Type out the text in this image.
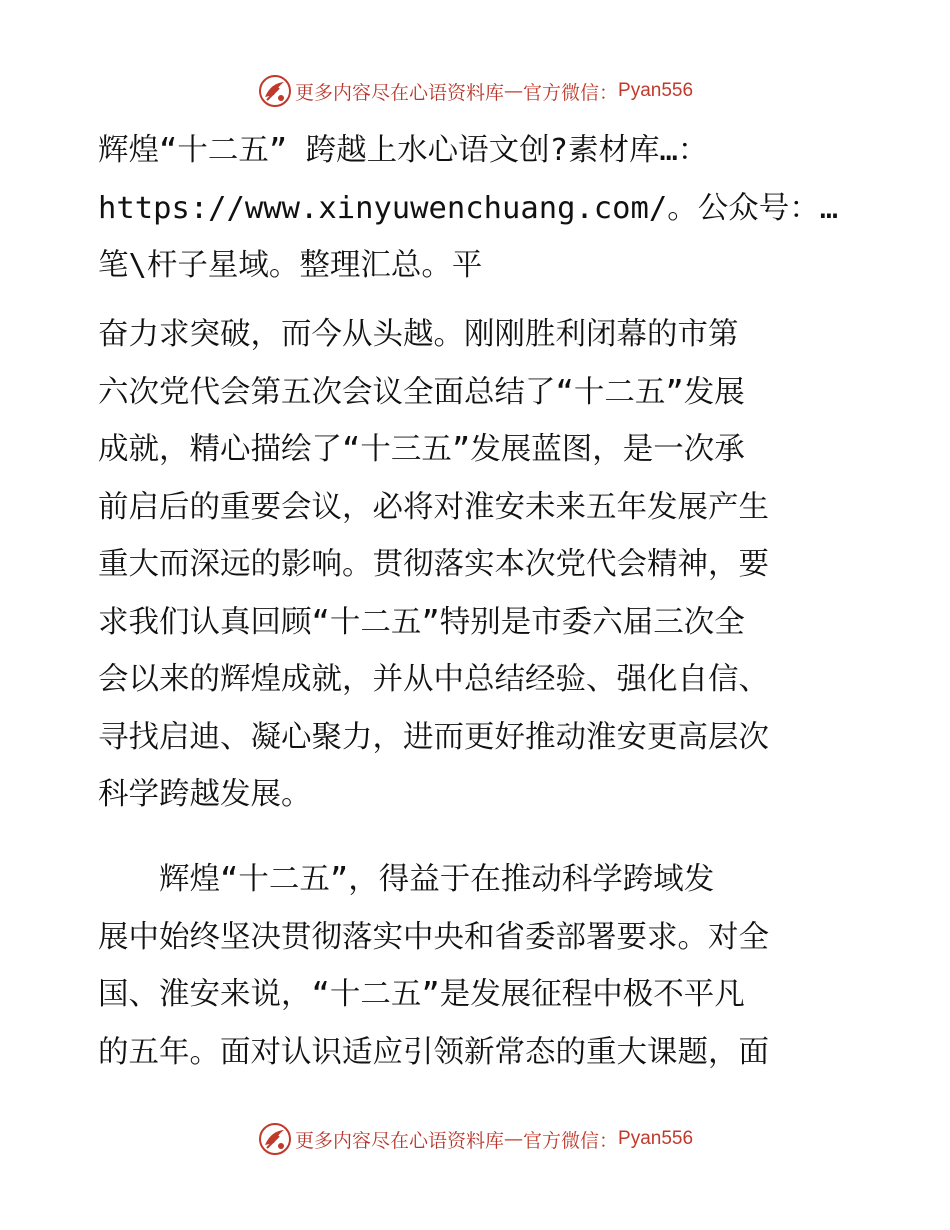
更多内容尽在心语资料库 — 官方微信 ： Pyan556
辉煌“十二五” 跨越上水心语文创?素材库…：
https://www.xinyuwenchuang.com/。公众号：…
笔\杆子星域。整理汇总。平
奋力求突破，而今从头越。刚刚胜利闭幕的市第
六次党代会第五次会议全面总结了“十二五”发展
成就，精心描绘了“十三五”发展蓝图，是一次承
前启后的重要会议，必将对淮安未来五年发展产生
重大而深远的影响。贯彻落实本次党代会精神，要
求我们认真回顾“十二五”特别是市委六届三次全
会以来的辉煌成就，并从中总结经验、强化自信、
寻找启迪、凝心聚力，进而更好推动淮安更高层次
科学跨越发展。
　　辉煌“十二五”，得益于在推动科学跨域发
展中始终坚决贯彻落实中央和省委部署要求。对全
国、淮安来说，“十二五”是发展征程中极不平凡
的五年。面对认识适应引领新常态的重大课题，面
更多内容尽在心语资料库 — 官方微信 ： Pyan556
